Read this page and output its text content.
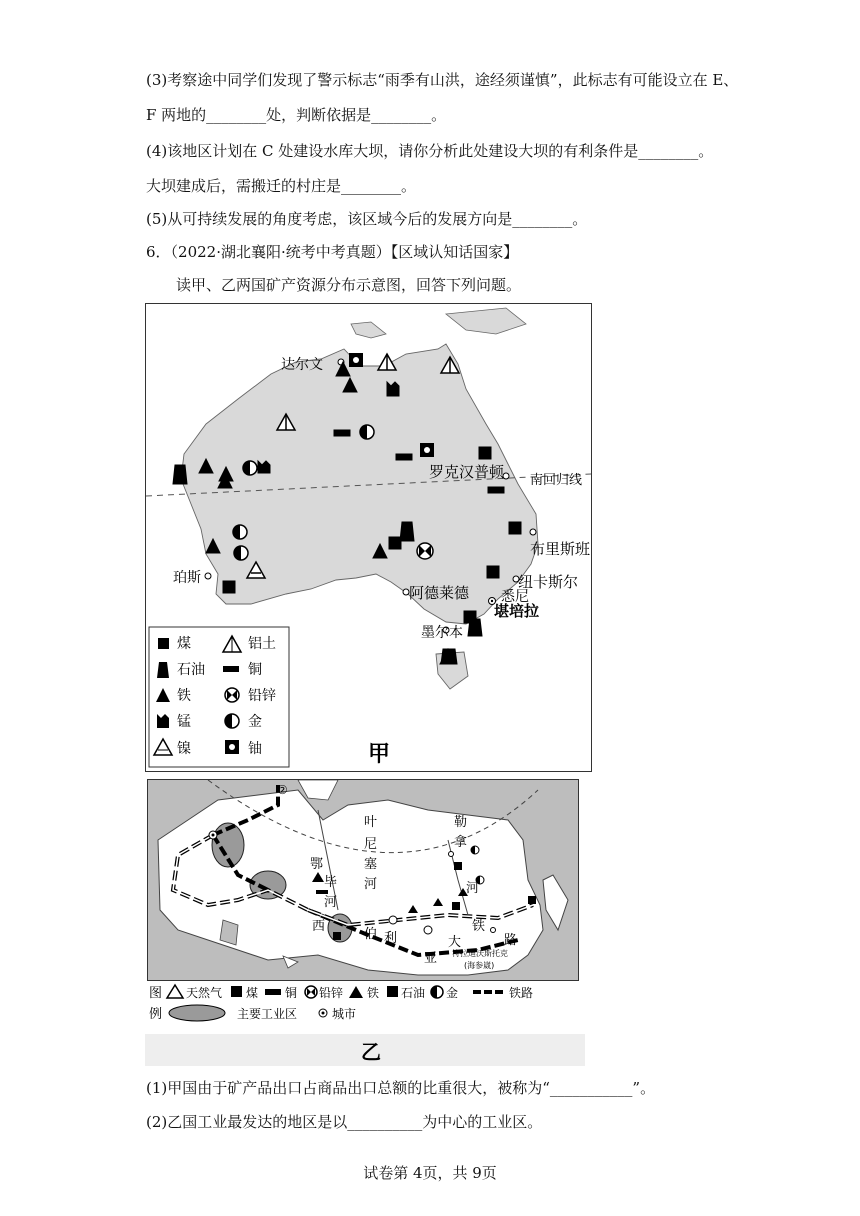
(3)考察途中同学们发现了警示标志“雨季有山洪，途经须谨慎”，此标志有可能设立在 E、
F 两地的________处，判断依据是________。
(4)该地区计划在 C 处建设水库大坝，请你分析此处建设大坝的有利条件是________。
大坝建成后，需搬迁的村庄是________。
(5)从可持续发展的角度考虑，该区域今后的发展方向是________。
6．（2022·湖北襄阳·统考中考真题）【区域认知话国家】
读甲、乙两国矿产资源分布示意图，回答下列问题。
南回归线
达尔文
罗克汉普顿
布里斯班
珀斯
阿德莱德
纽卡斯尔
悉尼
堪培拉
墨尔本
煤	铝土
石油	铜
铁	铅锌
锰	金
镍	铀	甲
②
叶
尼
塞
河
鄂
毕
河
勒
拿
河
西
伯 利
亚
大
铁
路
符拉迪沃斯托克
(海参崴)
图
例
天然气 煤 铜 铅锌 铁 石油 金	铁路
主要工业区	城市
乙
(1)甲国由于矿产品出口占商品出口总额的比重很大，被称为“___________”。
(2)乙国工业最发达的地区是以__________为中心的工业区。
试卷第 4页，共 9页
